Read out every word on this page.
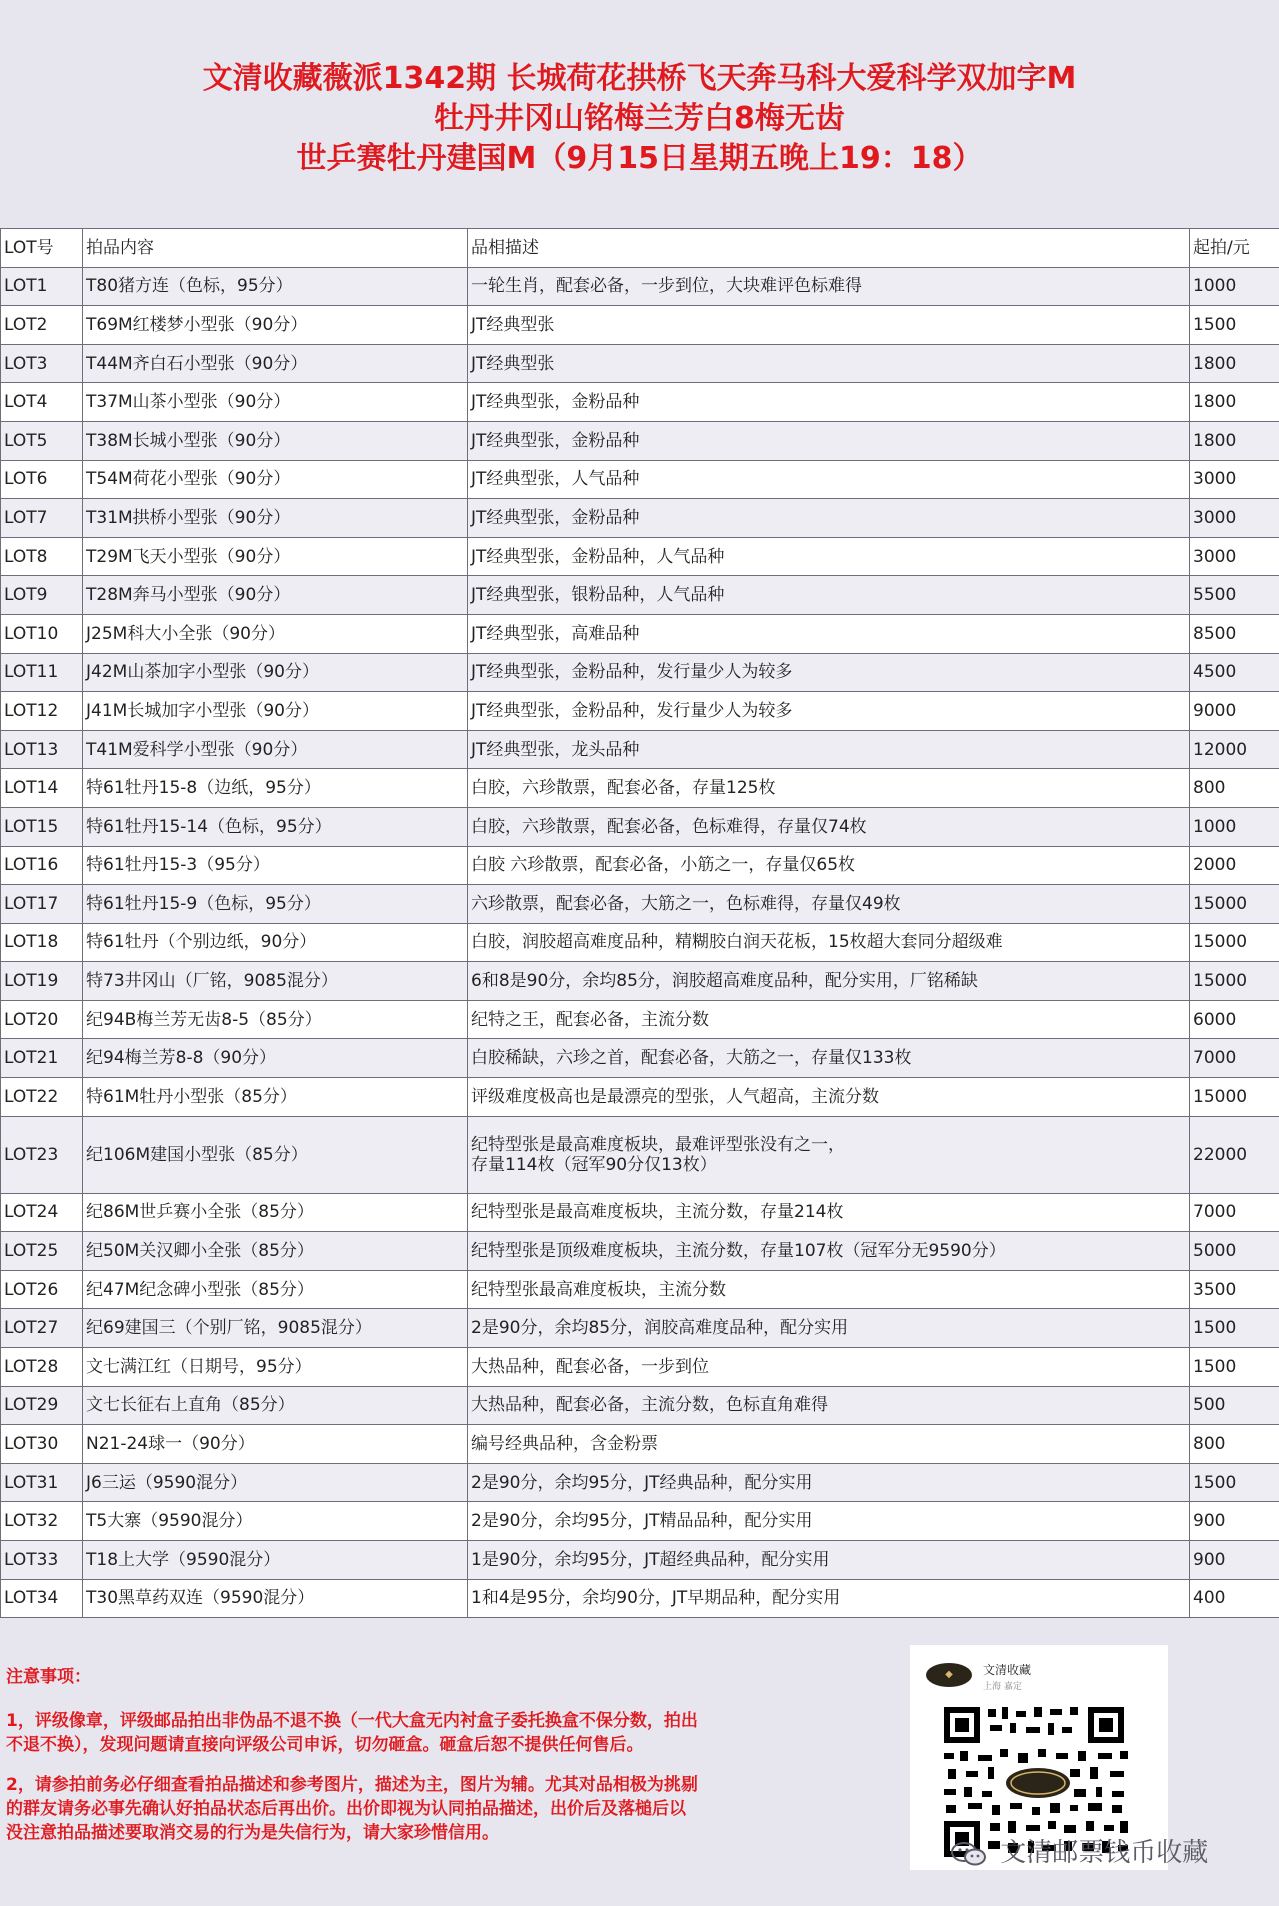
文清收藏薇派1342期 长城荷花拱桥飞天奔马科大爱科学双加字M
牡丹井冈山铭梅兰芳白8梅无齿
世乒赛牡丹建国M（9月15日星期五晚上19：18）
LOT号	拍品内容	品相描述	起拍/元
LOT1	T80猪方连（色标，95分）	一轮生肖，配套必备，一步到位，大块难评色标难得	1000
LOT2	T69M红楼梦小型张（90分）	JT经典型张	1500
LOT3	T44M齐白石小型张（90分）	JT经典型张	1800
LOT4	T37M山茶小型张（90分）	JT经典型张，金粉品种	1800
LOT5	T38M长城小型张（90分）	JT经典型张，金粉品种	1800
LOT6	T54M荷花小型张（90分）	JT经典型张，人气品种	3000
LOT7	T31M拱桥小型张（90分）	JT经典型张，金粉品种	3000
LOT8	T29M飞天小型张（90分）	JT经典型张，金粉品种，人气品种	3000
LOT9	T28M奔马小型张（90分）	JT经典型张，银粉品种，人气品种	5500
LOT10	J25M科大小全张（90分）	JT经典型张，高难品种	8500
LOT11	J42M山茶加字小型张（90分）	JT经典型张，金粉品种，发行量少人为较多	4500
LOT12	J41M长城加字小型张（90分）	JT经典型张，金粉品种，发行量少人为较多	9000
LOT13	T41M爱科学小型张（90分）	JT经典型张，龙头品种	12000
LOT14	特61牡丹15-8（边纸，95分）	白胶，六珍散票，配套必备，存量125枚	800
LOT15	特61牡丹15-14（色标，95分）	白胶，六珍散票，配套必备，色标难得，存量仅74枚	1000
LOT16	特61牡丹15-3（95分）	白胶 六珍散票，配套必备，小筋之一，存量仅65枚	2000
LOT17	特61牡丹15-9（色标，95分）	六珍散票，配套必备，大筋之一，色标难得，存量仅49枚	15000
LOT18	特61牡丹（个别边纸，90分）	白胶，润胶超高难度品种，精糊胶白润天花板，15枚超大套同分超级难	15000
LOT19	特73井冈山（厂铭，9085混分）	6和8是90分，余均85分，润胶超高难度品种，配分实用，厂铭稀缺	15000
LOT20	纪94B梅兰芳无齿8-5（85分）	纪特之王，配套必备，主流分数	6000
LOT21	纪94梅兰芳8-8（90分）	白胶稀缺，六珍之首，配套必备，大筋之一，存量仅133枚	7000
LOT22	特61M牡丹小型张（85分）	评级难度极高也是最漂亮的型张，人气超高，主流分数	15000
LOT23	纪106M建国小型张（85分）	纪特型张是最高难度板块，最难评型张没有之一，
存量114枚（冠军90分仅13枚）	22000
LOT24	纪86M世乒赛小全张（85分）	纪特型张是最高难度板块，主流分数，存量214枚	7000
LOT25	纪50M关汉卿小全张（85分）	纪特型张是顶级难度板块，主流分数，存量107枚（冠军分无9590分）	5000
LOT26	纪47M纪念碑小型张（85分）	纪特型张最高难度板块，主流分数	3500
LOT27	纪69建国三（个别厂铭，9085混分）	2是90分，余均85分，润胶高难度品种，配分实用	1500
LOT28	文七满江红（日期号，95分）	大热品种，配套必备，一步到位	1500
LOT29	文七长征右上直角（85分）	大热品种，配套必备，主流分数，色标直角难得	500
LOT30	N21-24球一（90分）	编号经典品种，含金粉票	800
LOT31	J6三运（9590混分）	2是90分，余均95分，JT经典品种，配分实用	1500
LOT32	T5大寨（9590混分）	2是90分，余均95分，JT精品品种，配分实用	900
LOT33	T18上大学（9590混分）	1是90分，余均95分，JT超经典品种，配分实用	900
LOT34	T30黑草药双连（9590混分）	1和4是95分，余均90分，JT早期品种，配分实用	400

注意事项：

1，评级像章，评级邮品拍出非伪品不退不换（一代大盒无内衬盒子委托换盒不保分数，拍出
不退不换），发现问题请直接向评级公司申诉，切勿砸盒。砸盒后恕不提供任何售后。

2，请参拍前务必仔细查看拍品描述和参考图片，描述为主，图片为辅。尤其对品相极为挑剔
的群友请务必事先确认好拍品状态后再出价。出价即视为认同拍品描述，出价后及落槌后以
没注意拍品描述要取消交易的行为是失信行为，请大家珍惜信用。

◆	文清收藏
上海 嘉定
文清邮票钱币收藏
